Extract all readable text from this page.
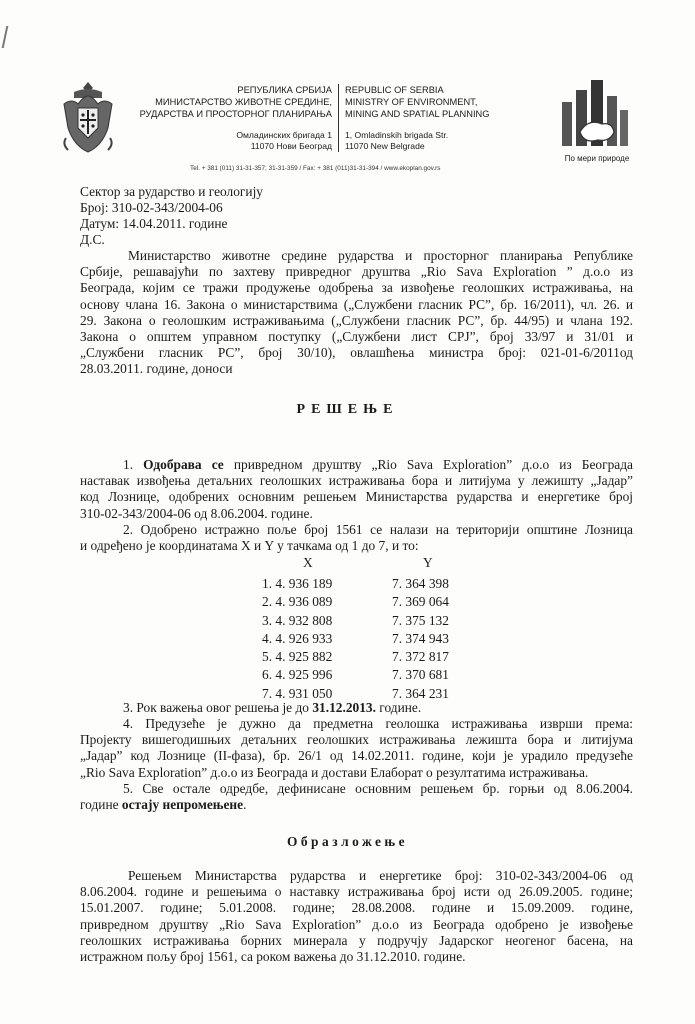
РЕПУБЛИКА СРБИЈА
МИНИСТАРСТВО ЖИВОТНЕ СРЕДИНЕ,
РУДАРСТВА И ПРОСТОРНОГ ПЛАНИРАЊА
Омладинских бригада 1
11070 Нови Београд
REPUBLIC OF SERBIA
MINISTRY OF ENVIRONMENT,
MINING AND SPATIAL PLANNING
1, Omladinskih brigada Str.
11070 New Belgrade
Tel. + 381 (011) 31-31-357; 31-31-359 / Fax: + 381 (011)31-31-394 / www.ekoplan.gov.rs
По мери природе
Сектор за рударство и геологију
Број: 310-02-343/2004-06
Датум: 14.04.2011. године
Д.С.
Министарство животне средине рударства и просторног планирања Републике
Србије, решавајући по захтеву привредног друштва „Rio Sava Exploration ” д.о.о из
Београда, којим се тражи продужење одобрења за извођење геолошких истраживања, на
основу члана 16. Закона о министарствима („Службени гласник РС”, бр. 16/2011), чл. 26. и
29. Закона о геолошким истраживањима („Службени гласник РС”, бр. 44/95) и члана 192.
Закона о општем управном поступку („Службени лист СРЈ”, број 33/97 и 31/01 и
„Службени гласник РС”, број 30/10), овлашћења министра број: 021-01-6/2011од
28.03.2011. године, доноси
РЕШЕЊЕ
1. Одобрава се привредном друштву „Rio Sava Exploration” д.о.о из Београда
наставак извођења детаљних геолошких истраживања бора и литијума у лежишту „Јадар”
код Лознице, одобрених основним решењем Министарства рударства и енергетике број
310-02-343/2004-06 од 8.06.2004. године.
2. Одобрено истражно поље број 1561 се налази на територији општине Лозница
и одређено је координатама X и Y у тачкама од 1 до 7, и то:
X	Y
1. 4. 936 189	7. 364 398
2. 4. 936 089	7. 369 064
3. 4. 932 808	7. 375 132
4. 4. 926 933	7. 374 943
5. 4. 925 882	7. 372 817
6. 4. 925 996	7. 370 681
7. 4. 931 050	7. 364 231
3. Рок важења овог решења је до 31.12.2013. године.
4. Предузеће је дужно да предметна геолошка истраживања изврши према:
Пројекту вишегодишњих детаљних геолошких истраживања лежишта бора и литијума
„Јадар” код Лознице (II-фаза), бр. 26/1 од 14.02.2011. године, који је урадило предузеће
„Rio Sava Exploration” д.о.о из Београда и достави Елаборат о резултатима истраживања.
5. Све остале одредбе, дефинисане основним решењем бр. горњи од 8.06.2004.
године остају непромењене.
Образложење
Решењем Министарства рударства и енергетике број: 310-02-343/2004-06 од
8.06.2004. године и решењима о наставку истраживања број исти од 26.09.2005. године;
15.01.2007. године; 5.01.2008. године; 28.08.2008. године и 15.09.2009. године,
привредном друштву „Rio Sava Exploration” д.о.о из Београда одобрено је извођење
геолошких истраживања борних минерала у подручју Јадарског неогеног басена, на
истражном пољу број 1561, са роком важења до 31.12.2010. године.
